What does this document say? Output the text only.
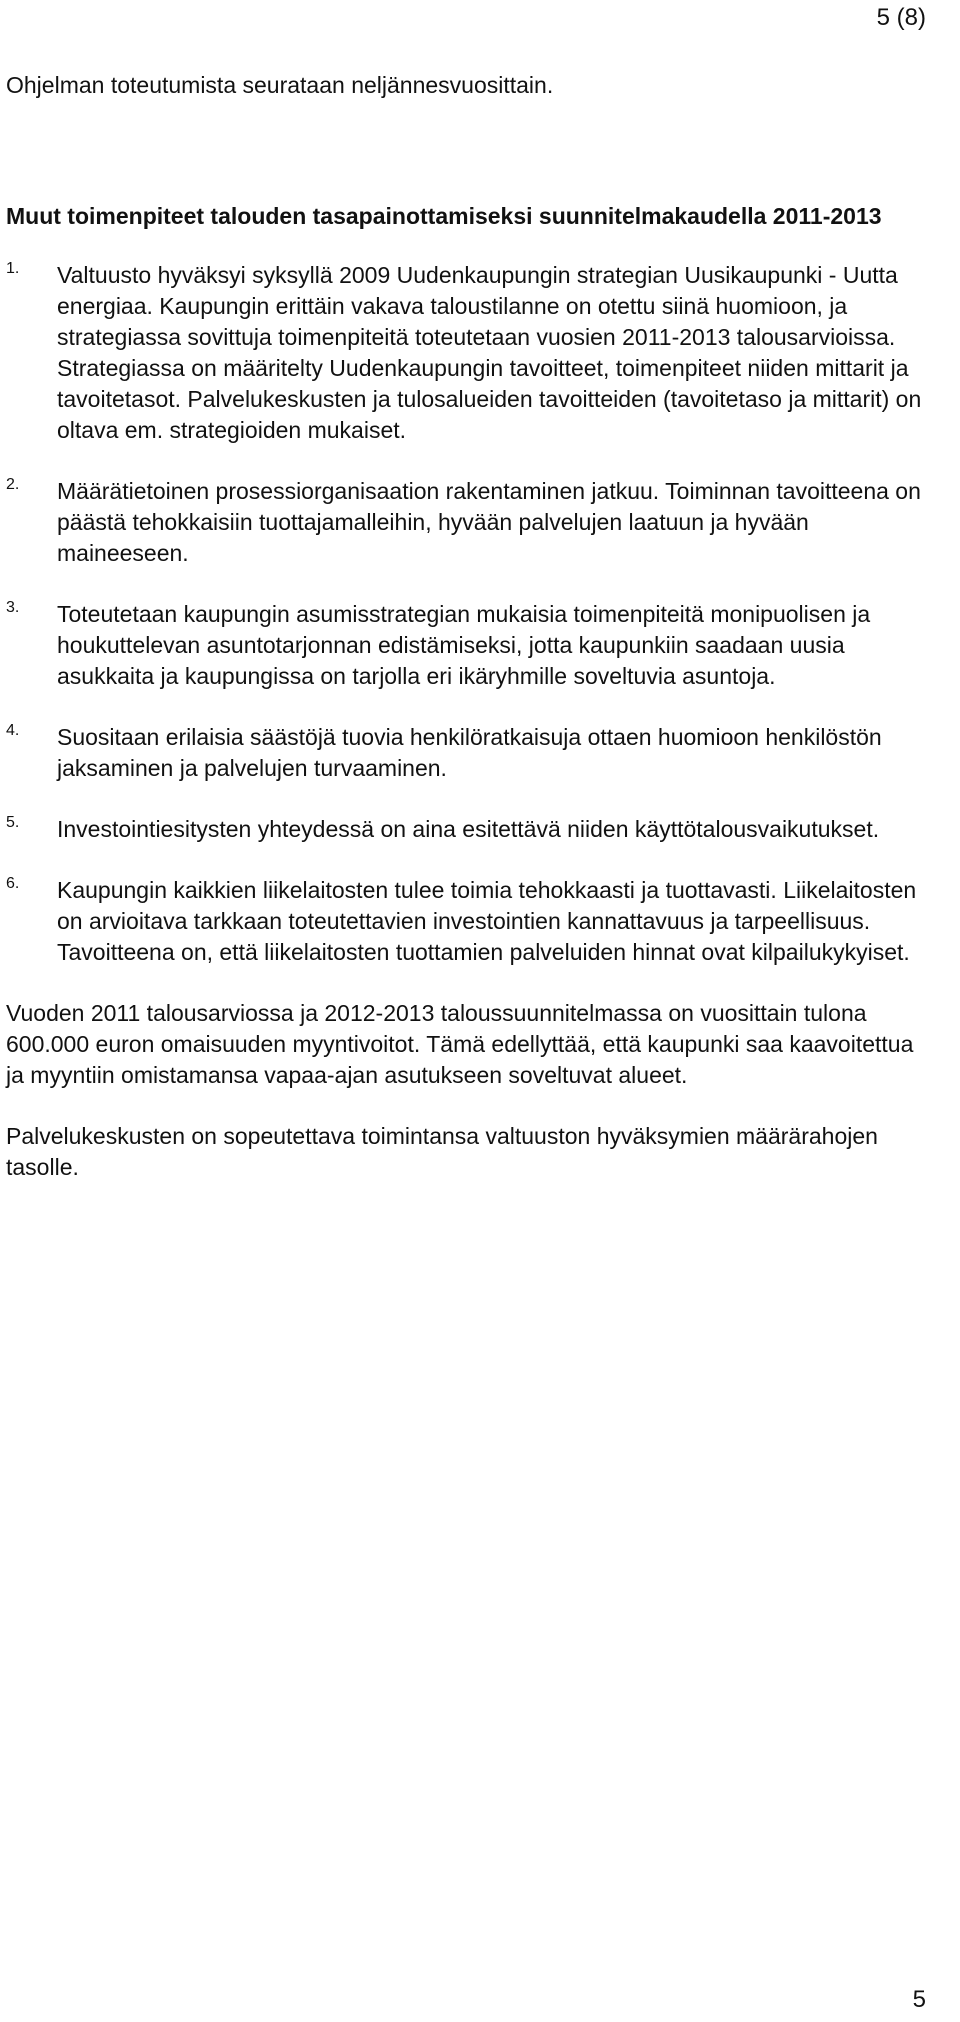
5 (8)

Ohjelman toteutumista seurataan neljännesvuosittain.

Muut toimenpiteet talouden tasapainottamiseksi suunnitelmakaudella 2011-2013

1.	Valtuusto hyväksyi syksyllä 2009 Uudenkaupungin strategian Uusikaupunki - Uutta energiaa. Kaupungin erittäin vakava taloustilanne on otettu siinä huomioon, ja strategiassa sovittuja toimenpiteitä toteutetaan vuosien 2011-2013 talousarvioissa. Strategiassa on määritelty Uudenkaupungin tavoitteet, toimenpiteet niiden mittarit ja tavoitetasot. Palvelukeskusten ja tulosalueiden tavoitteiden (tavoitetaso ja mittarit) on oltava em. strategioiden mukaiset.

2.	Määrätietoinen prosessiorganisaation rakentaminen jatkuu. Toiminnan tavoitteena on päästä tehokkaisiin tuottajamalleihin, hyvään palvelujen laatuun ja hyvään maineeseen.

3.	Toteutetaan kaupungin asumisstrategian mukaisia toimenpiteitä monipuolisen ja houkuttelevan asuntotarjonnan edistämiseksi, jotta kaupunkiin saadaan uusia asukkaita ja kaupungissa on tarjolla eri ikäryhmille soveltuvia asuntoja.

4.	Suositaan erilaisia säästöjä tuovia henkilöratkaisuja ottaen huomioon henkilöstön jaksaminen ja palvelujen turvaaminen.

5.	Investointiesitysten yhteydessä on aina esitettävä niiden käyttötalousvaikutukset.

6.	Kaupungin kaikkien liikelaitosten tulee toimia tehokkaasti ja tuottavasti. Liikelaitosten on arvioitava tarkkaan toteutettavien investointien kannattavuus ja tarpeellisuus. Tavoitteena on, että liikelaitosten tuottamien palveluiden hinnat ovat kilpailukykyiset.

Vuoden 2011 talousarviossa ja 2012-2013 taloussuunnitelmassa on vuosittain tulona 600.000 euron omaisuuden myyntivoitot. Tämä edellyttää, että kaupunki saa kaavoitettua ja myyntiin omistamansa vapaa-ajan asutukseen soveltuvat alueet.

Palvelukeskusten on sopeutettava toimintansa valtuuston hyväksymien määrärahojen tasolle.

5
